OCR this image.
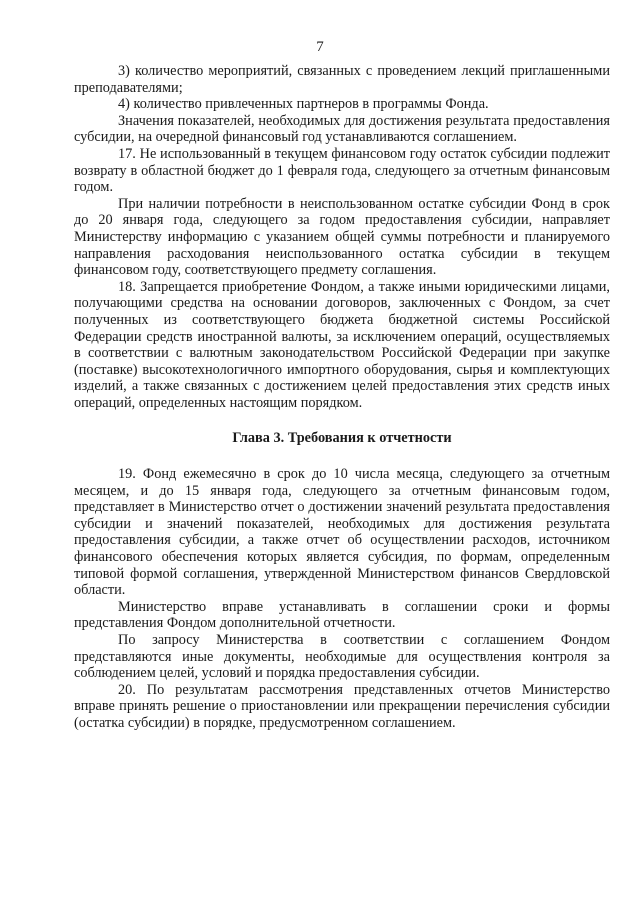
7

3) количество мероприятий, связанных с проведением лекций приглашенными преподавателями;

4) количество привлеченных партнеров в программы Фонда.

Значения показателей, необходимых для достижения результата предоставления субсидии, на очередной финансовый год устанавливаются соглашением.

17. Не использованный в текущем финансовом году остаток субсидии подлежит возврату в областной бюджет до 1 февраля года, следующего за отчетным финансовым годом.

При наличии потребности в неиспользованном остатке субсидии Фонд в срок до 20 января года, следующего за годом предоставления субсидии, направляет Министерству информацию с указанием общей суммы потребности и планируемого направления расходования неиспользованного остатка субсидии в текущем финансовом году, соответствующего предмету соглашения.

18. Запрещается приобретение Фондом, а также иными юридическими лицами, получающими средства на основании договоров, заключенных с Фондом, за счет полученных из соответствующего бюджета бюджетной системы Российской Федерации средств иностранной валюты, за исключением операций, осуществляемых в соответствии с валютным законодательством Российской Федерации при закупке (поставке) высокотехнологичного импортного оборудования, сырья и комплектующих изделий, а также связанных с достижением целей предоставления этих средств иных операций, определенных настоящим порядком.

Глава 3. Требования к отчетности

19. Фонд ежемесячно в срок до 10 числа месяца, следующего за отчетным месяцем, и до 15 января года, следующего за отчетным финансовым годом, представляет в Министерство отчет о достижении значений результата предоставления субсидии и значений показателей, необходимых для достижения результата предоставления субсидии, а также отчет об осуществлении расходов, источником финансового обеспечения которых является субсидия, по формам, определенным типовой формой соглашения, утвержденной Министерством финансов Свердловской области.

Министерство вправе устанавливать в соглашении сроки и формы представления Фондом дополнительной отчетности.

По запросу Министерства в соответствии с соглашением Фондом представляются иные документы, необходимые для осуществления контроля за соблюдением целей, условий и порядка предоставления субсидии.

20. По результатам рассмотрения представленных отчетов Министерство вправе принять решение о приостановлении или прекращении перечисления субсидии (остатка субсидии) в порядке, предусмотренном соглашением.
